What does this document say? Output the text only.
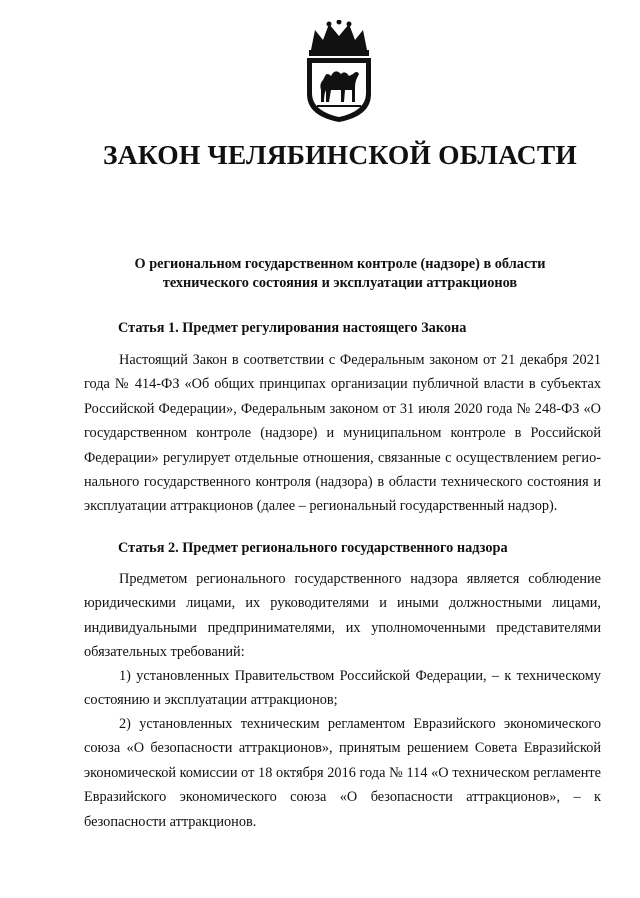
ЗАКОН ЧЕЛЯБИНСКОЙ ОБЛАСТИ
О региональном государственном контроле (надзоре) в области
технического состояния и эксплуатации аттракционов
Статья 1. Предмет регулирования настоящего Закона

Настоящий Закон в соответствии с Федеральным законом от 21 декабря 2021 года № 414-ФЗ «Об общих принципах организации публичной власти в субъектах Российской Федерации», Федеральным законом от 31 июля 2020 года № 248-ФЗ «О государственном контроле (надзоре) и муниципальном контроле в Российской Федерации» регулирует отдельные отношения, связанные с осуществлением регионального государственного контроля (надзора) в области технического состояния и эксплуатации аттракционов (далее – региональный государственный надзор).

Статья 2. Предмет регионального государственного надзора

Предметом регионального государственного надзора является соблюдение юридическими лицами, их руководителями и иными должностными лицами, индивидуальными предпринимателями, их уполномоченными представителями обязательных требований:

1) установленных Правительством Российской Федерации, – к техническому состоянию и эксплуатации аттракционов;

2) установленных техническим регламентом Евразийского экономического союза «О безопасности аттракционов», принятым решением Совета Евразийской экономической комиссии от 18 октября 2016 года № 114 «О техническом регламенте Евразийского экономического союза «О безопасности аттракционов», – к безопасности аттракционов.
